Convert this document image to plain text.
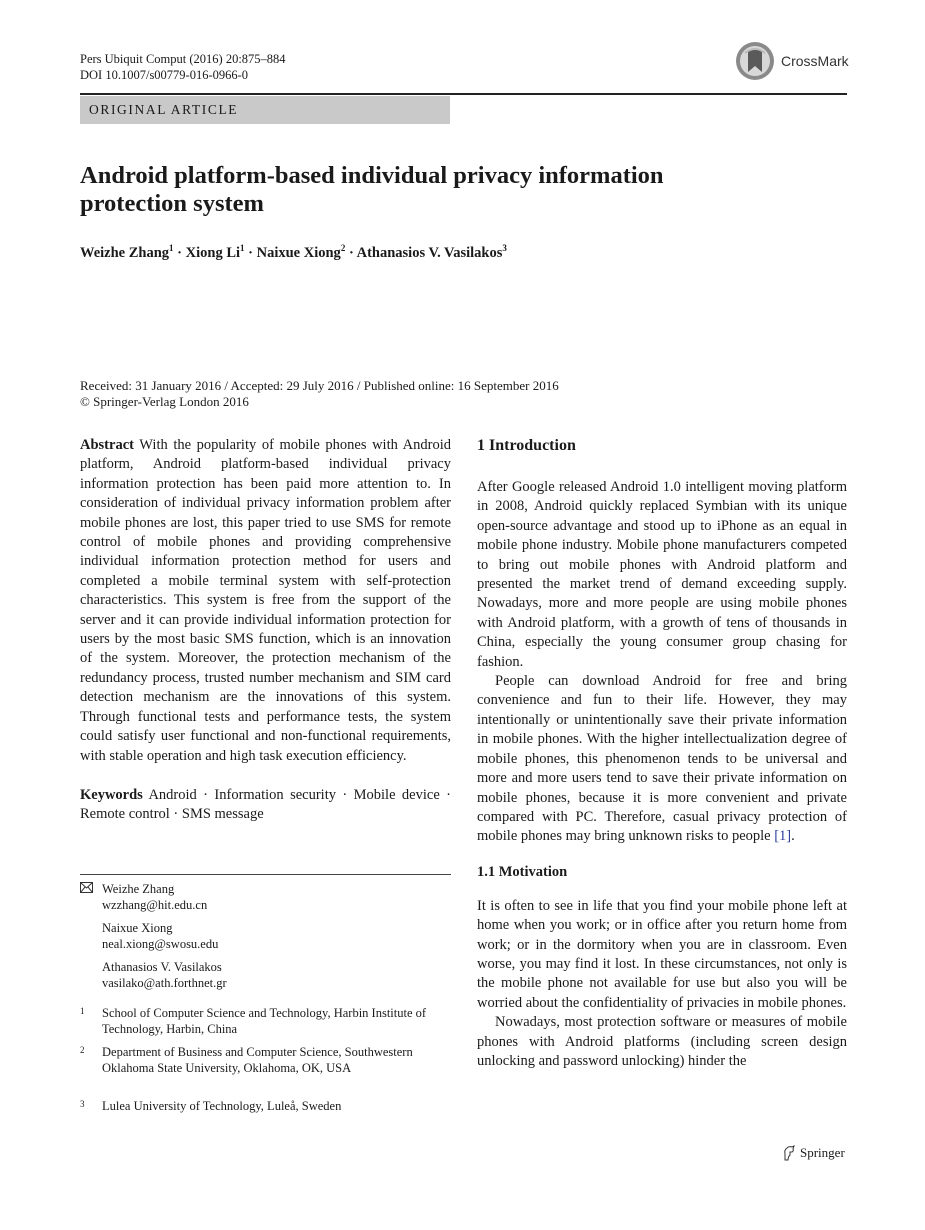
Pers Ubiquit Comput (2016) 20:875–884
DOI 10.1007/s00779-016-0966-0
CrossMark
ORIGINAL ARTICLE
Android platform-based individual privacy information protection system
Weizhe Zhang$^1$ · Xiong $Li^1$ · Naixue Xiong$^2$ · Athanasios V. Vasilakos$^3$
Received: 31 January 2016 / Accepted: 29 July 2016 / Published online: 16 September 2016
© Springer-Verlag London 2016

Abstract With the popularity of mobile phones with Android platform, Android platform-based individual privacy information protection has been paid more attention to. In consideration of individual privacy information problem after mobile phones are lost, this paper tried to use SMS for remote control of mobile phones and providing comprehensive individual information protection method for users and completed a mobile terminal system with self-protection characteristics. This system is free from the support of the server and it can provide individual information protection for users by the most basic SMS function, which is an innovation of the system. Moreover, the protection mechanism of the redundancy process, trusted number mechanism and SIM card detection mechanism are the innovations of this system. Through functional tests and performance tests, the system could satisfy user functional and non-functional requirements, with stable operation and high task execution efficiency.

Keywords Android · Information security · Mobile device · Remote control · SMS message

Weizhe Zhang
wzzhang@hit.edu.cn
Naixue Xiong
neal.xiong@swosu.edu
Athanasios V. Vasilakos
vasilako@ath.forthnet.gr
1 School of Computer Science and Technology, Harbin Institute of Technology, Harbin, China
2 Department of Business and Computer Science, Southwestern Oklahoma State University, Oklahoma, OK, USA
3 Lulea University of Technology, Luleå, Sweden
1 Introduction

After Google released Android 1.0 intelligent moving platform in 2008, Android quickly replaced Symbian with its unique open-source advantage and stood up to iPhone as an equal in mobile phone industry. Mobile phone manufacturers competed to bring out mobile phones with Android platform and presented the market trend of demand exceeding supply. Nowadays, more and more people are using mobile phones with Android platform, with a growth of tens of thousands in China, especially the young consumer group chasing for fashion.

People can download Android for free and bring convenience and fun to their life. However, they may intentionally or unintentionally save their private information in mobile phones. With the higher intellectualization degree of mobile phones, this phenomenon tends to be universal and more and more users tend to save their private information on mobile phones, because it is more convenient and private compared with PC. Therefore, casual privacy protection of mobile phones may bring unknown risks to people [1].

1.1 Motivation

It is often to see in life that you find your mobile phone left at home when you work; or in office after you return home from work; or in the dormitory when you are in classroom. Even worse, you may find it lost. In these circumstances, not only is the mobile phone not available for use but also you will be worried about the confidentiality of privacies in mobile phones.

Nowadays, most protection software or measures of mobile phones with Android platforms (including screen design unlocking and password unlocking) hinder the

Springer
